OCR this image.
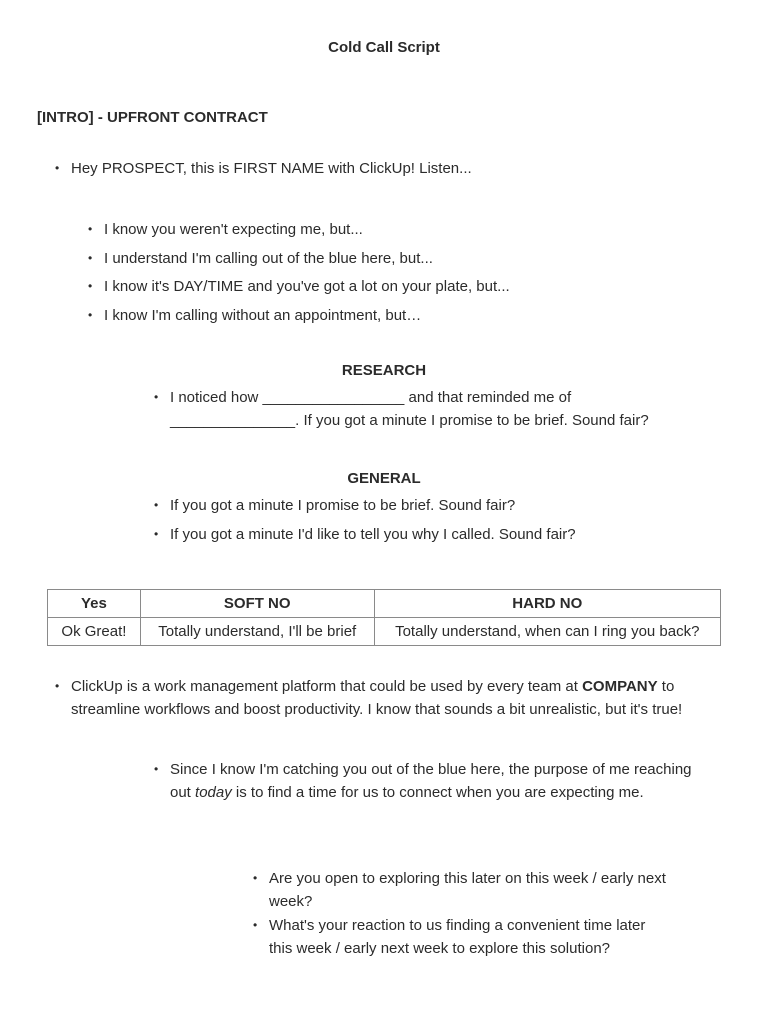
Cold Call Script
[INTRO] - UPFRONT CONTRACT
• Hey PROSPECT, this is FIRST NAME with ClickUp! Listen...
• I know you weren't expecting me, but...
• I understand I'm calling out of the blue here, but...
• I know it's DAY/TIME and you've got a lot on your plate, but...
• I know I'm calling without an appointment, but…
RESEARCH
• I noticed how _________________ and that reminded me of _______________. If you got a minute I promise to be brief. Sound fair?
GENERAL
• If you got a minute I promise to be brief. Sound fair?
• If you got a minute I'd like to tell you why I called. Sound fair?
Yes	SOFT NO	HARD NO
Ok Great!	Totally understand, I'll be brief	Totally understand, when can I ring you back?
• ClickUp is a work management platform that could be used by every team at COMPANY to streamline workflows and boost productivity. I know that sounds a bit unrealistic, but it's true!
• Since I know I'm catching you out of the blue here, the purpose of me reaching out today is to find a time for us to connect when you are expecting me.
• Are you open to exploring this later on this week / early next week?
• What's your reaction to us finding a convenient time later this week / early next week to explore this solution?
